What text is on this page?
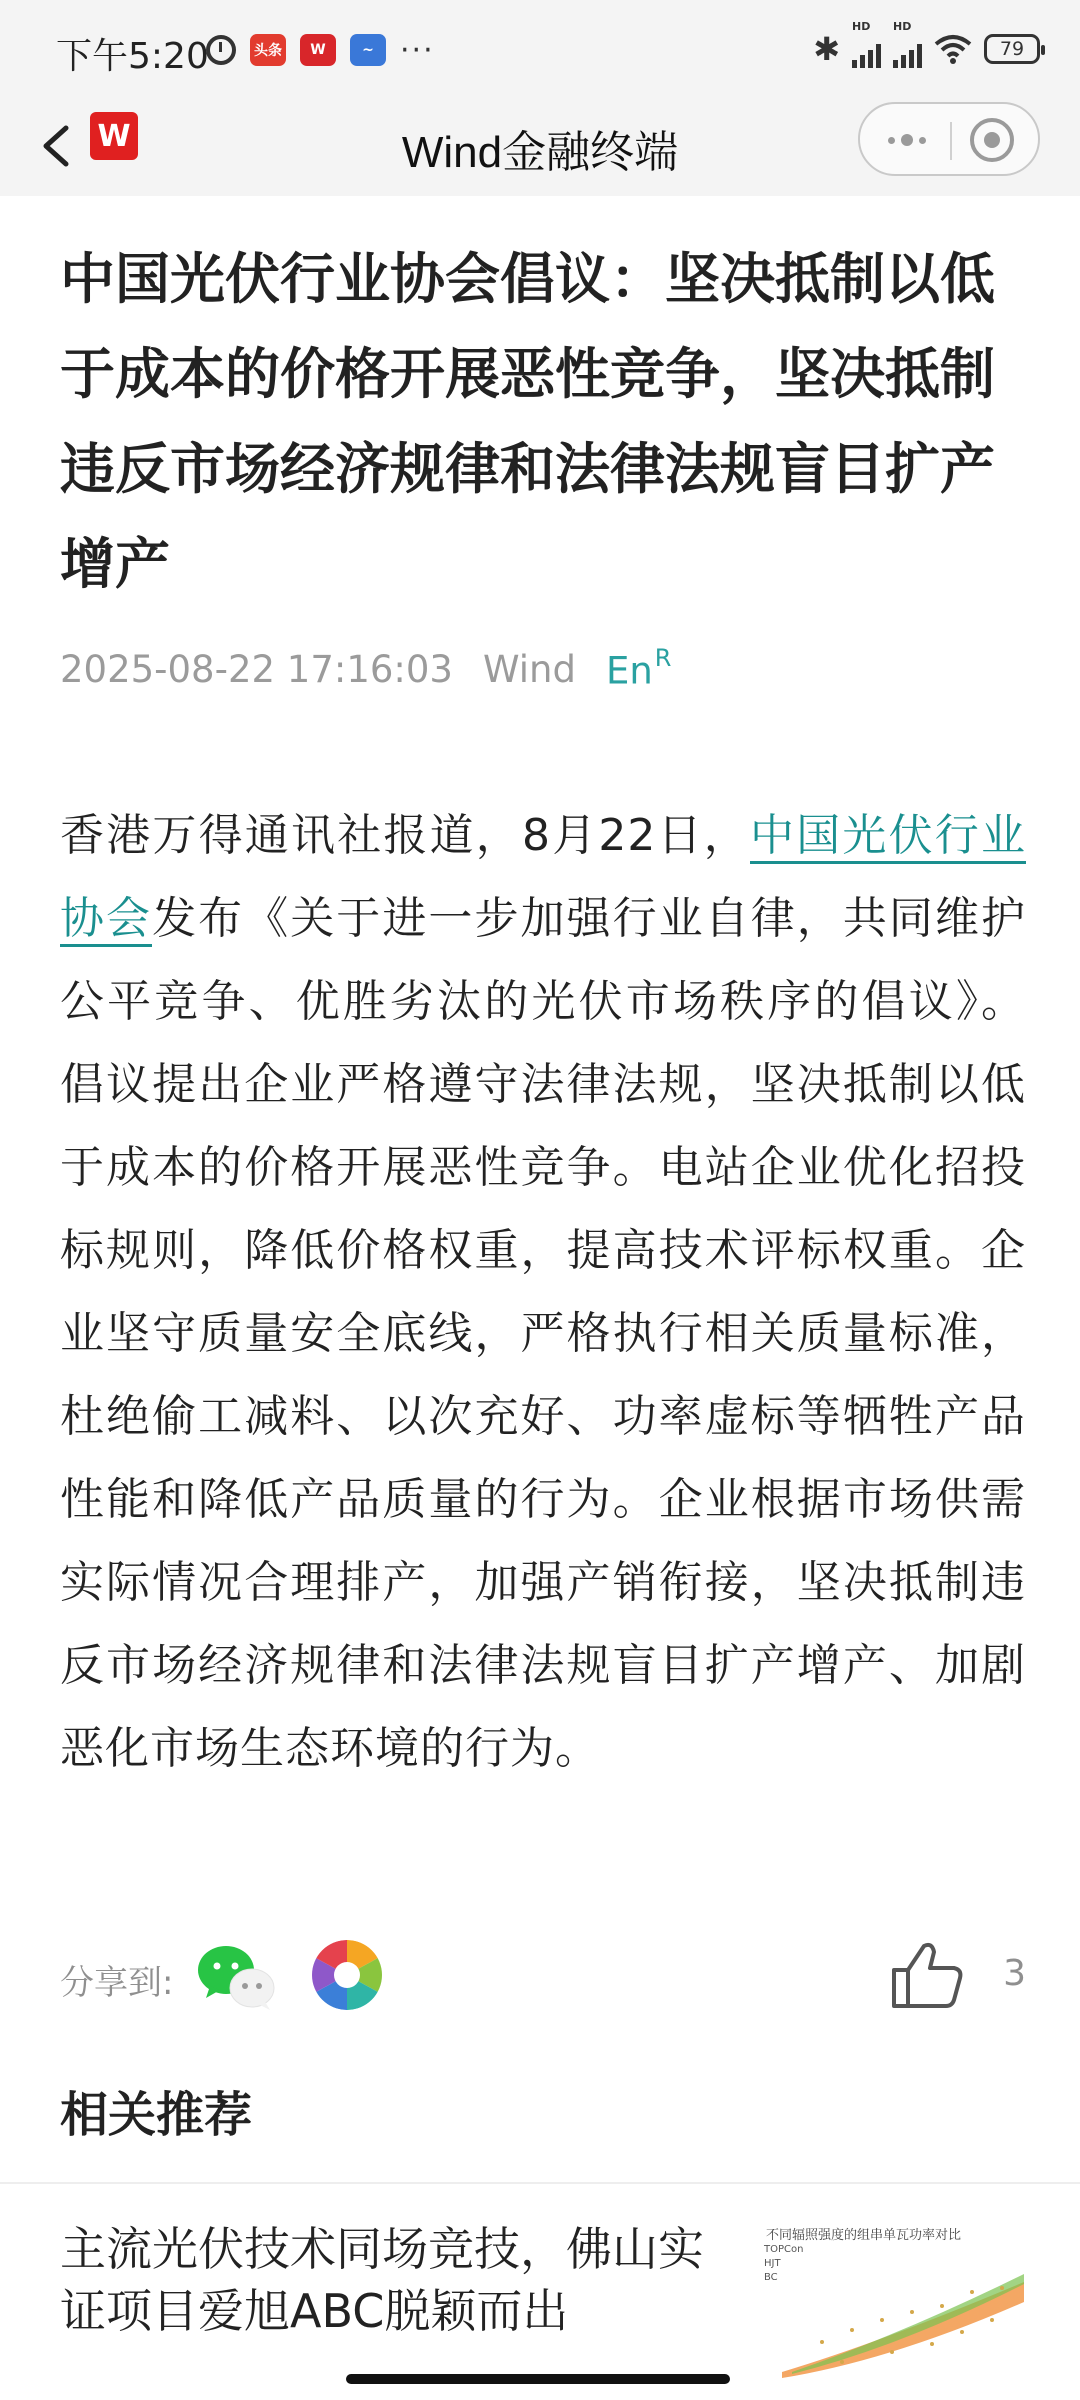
下午5:20	头条	W	~ ···	✱
HD HD
79
W	Wind金融终端
中国光伏行业协会倡议：坚决抵制以低于成本的价格开展恶性竞争，坚决抵制违反市场经济规律和法律法规盲目扩产增产
2025-08-22 17:16:03 Wind $En^R$

香港万得通讯社报道，8月22日，中国光伏行业协会发布《关于进一步加强行业自律，共同维护公平竞争、优胜劣汰的光伏市场秩序的倡议》。倡议提出企业严格遵守法律法规，坚决抵制以低于成本的价格开展恶性竞争。电站企业优化招投标规则，降低价格权重，提高技术评标权重。企业坚守质量安全底线，严格执行相关质量标准，杜绝偷工减料、以次充好、功率虚标等牺牲产品性能和降低产品质量的行为。企业根据市场供需实际情况合理排产，加强产销衔接，坚决抵制违反市场经济规律和法律法规盲目扩产增产、加剧恶化市场生态环境的行为。

分享到:	3
相关推荐

主流光伏技术同场竞技，佛山实证项目爱旭ABC脱颖而出

不同辐照强度的组串单瓦功率对比
TOPCon
HJT
BC
